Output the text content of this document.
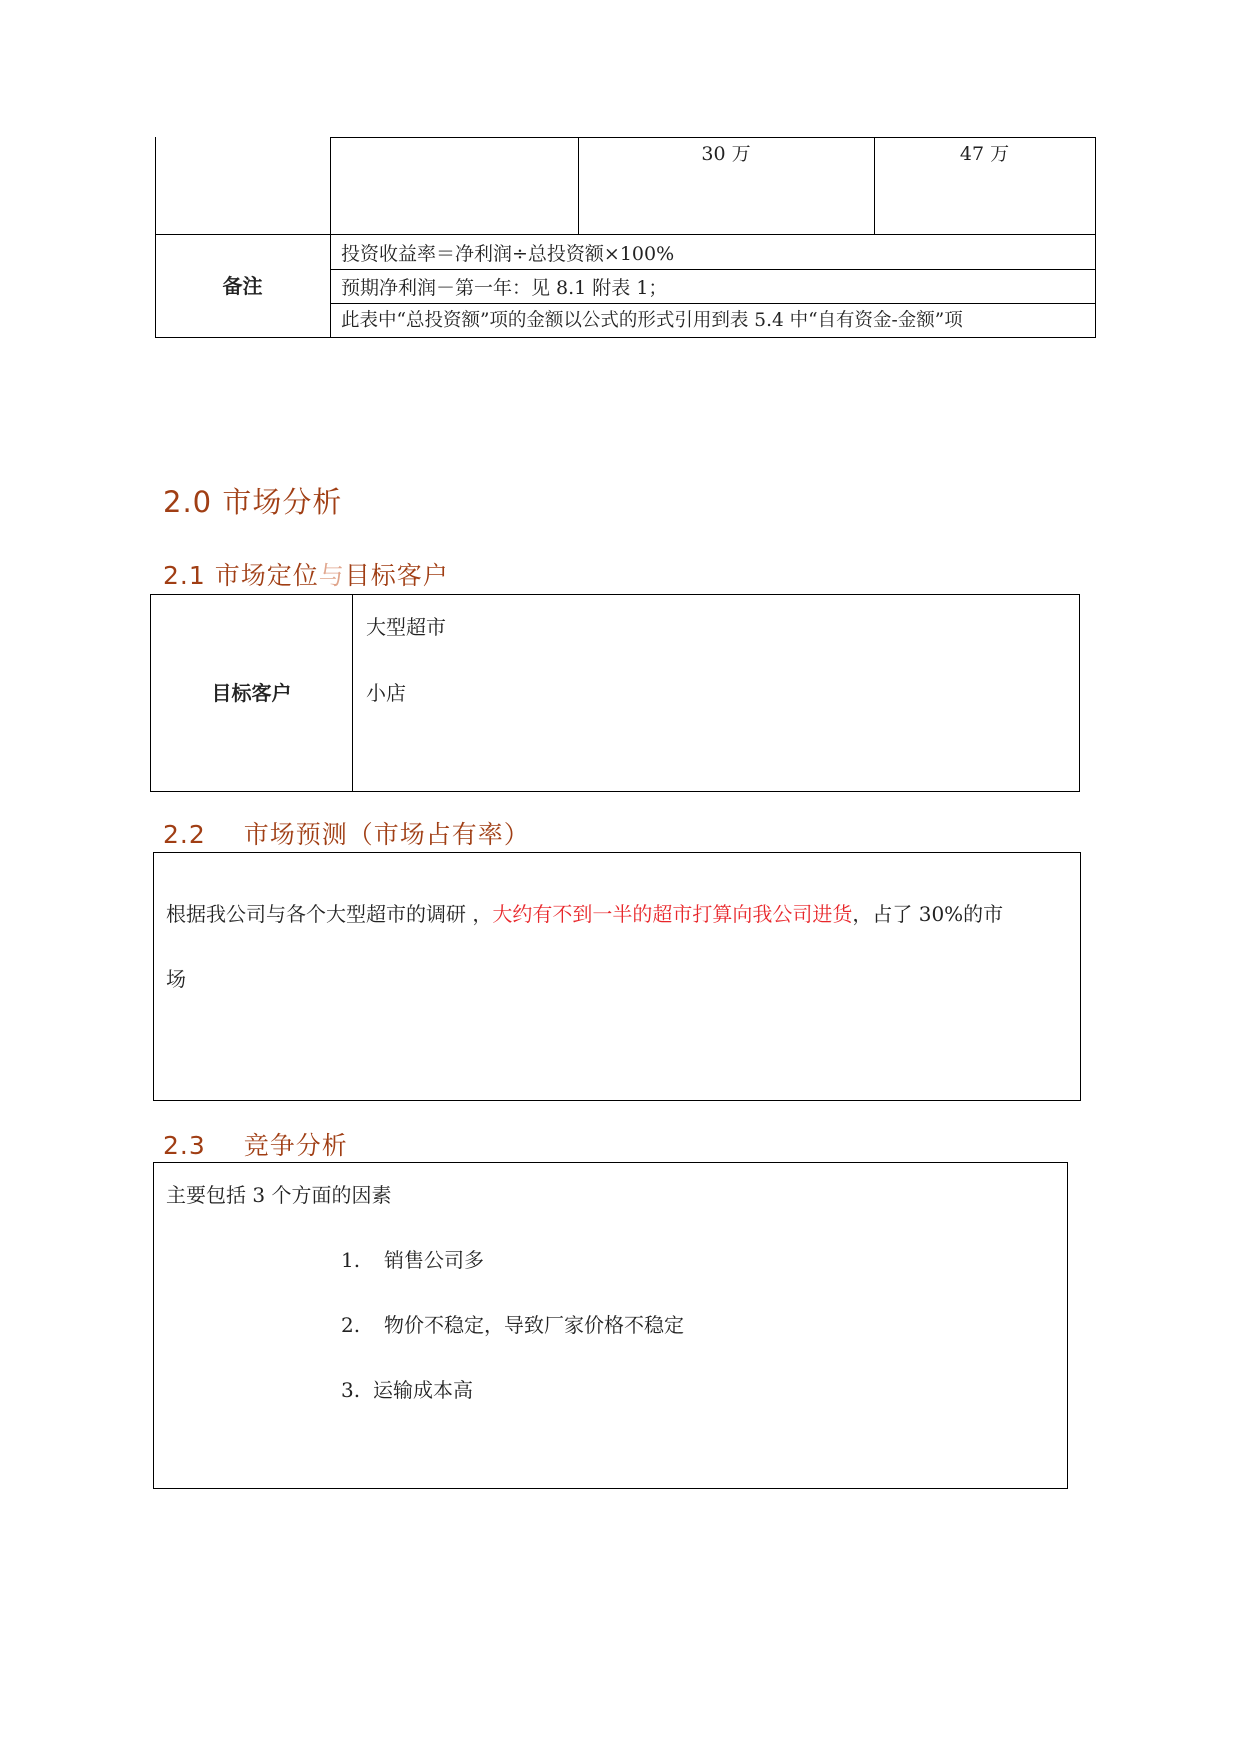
30 万	47 万
备注
投资收益率＝净利润÷总投资额×100%
预期净利润－第一年：见 8.1 附表 1；
此表中“总投资额”项的金额以公式的形式引用到表 5.4 中“自有资金-金额”项
2.0 市场分析
2.1 市场定位与目标客户
目标客户
大型超市
小店
2.2 市场预测（市场占有率）
根据我公司与各个大型超市的调研 ，大约有不到一半的超市打算向我公司进货，占了 30%的市
场
2.3 竞争分析
主要包括 3 个方面的因素
1. 销售公司多
2. 物价不稳定，导致厂家价格不稳定
3. 运输成本高
